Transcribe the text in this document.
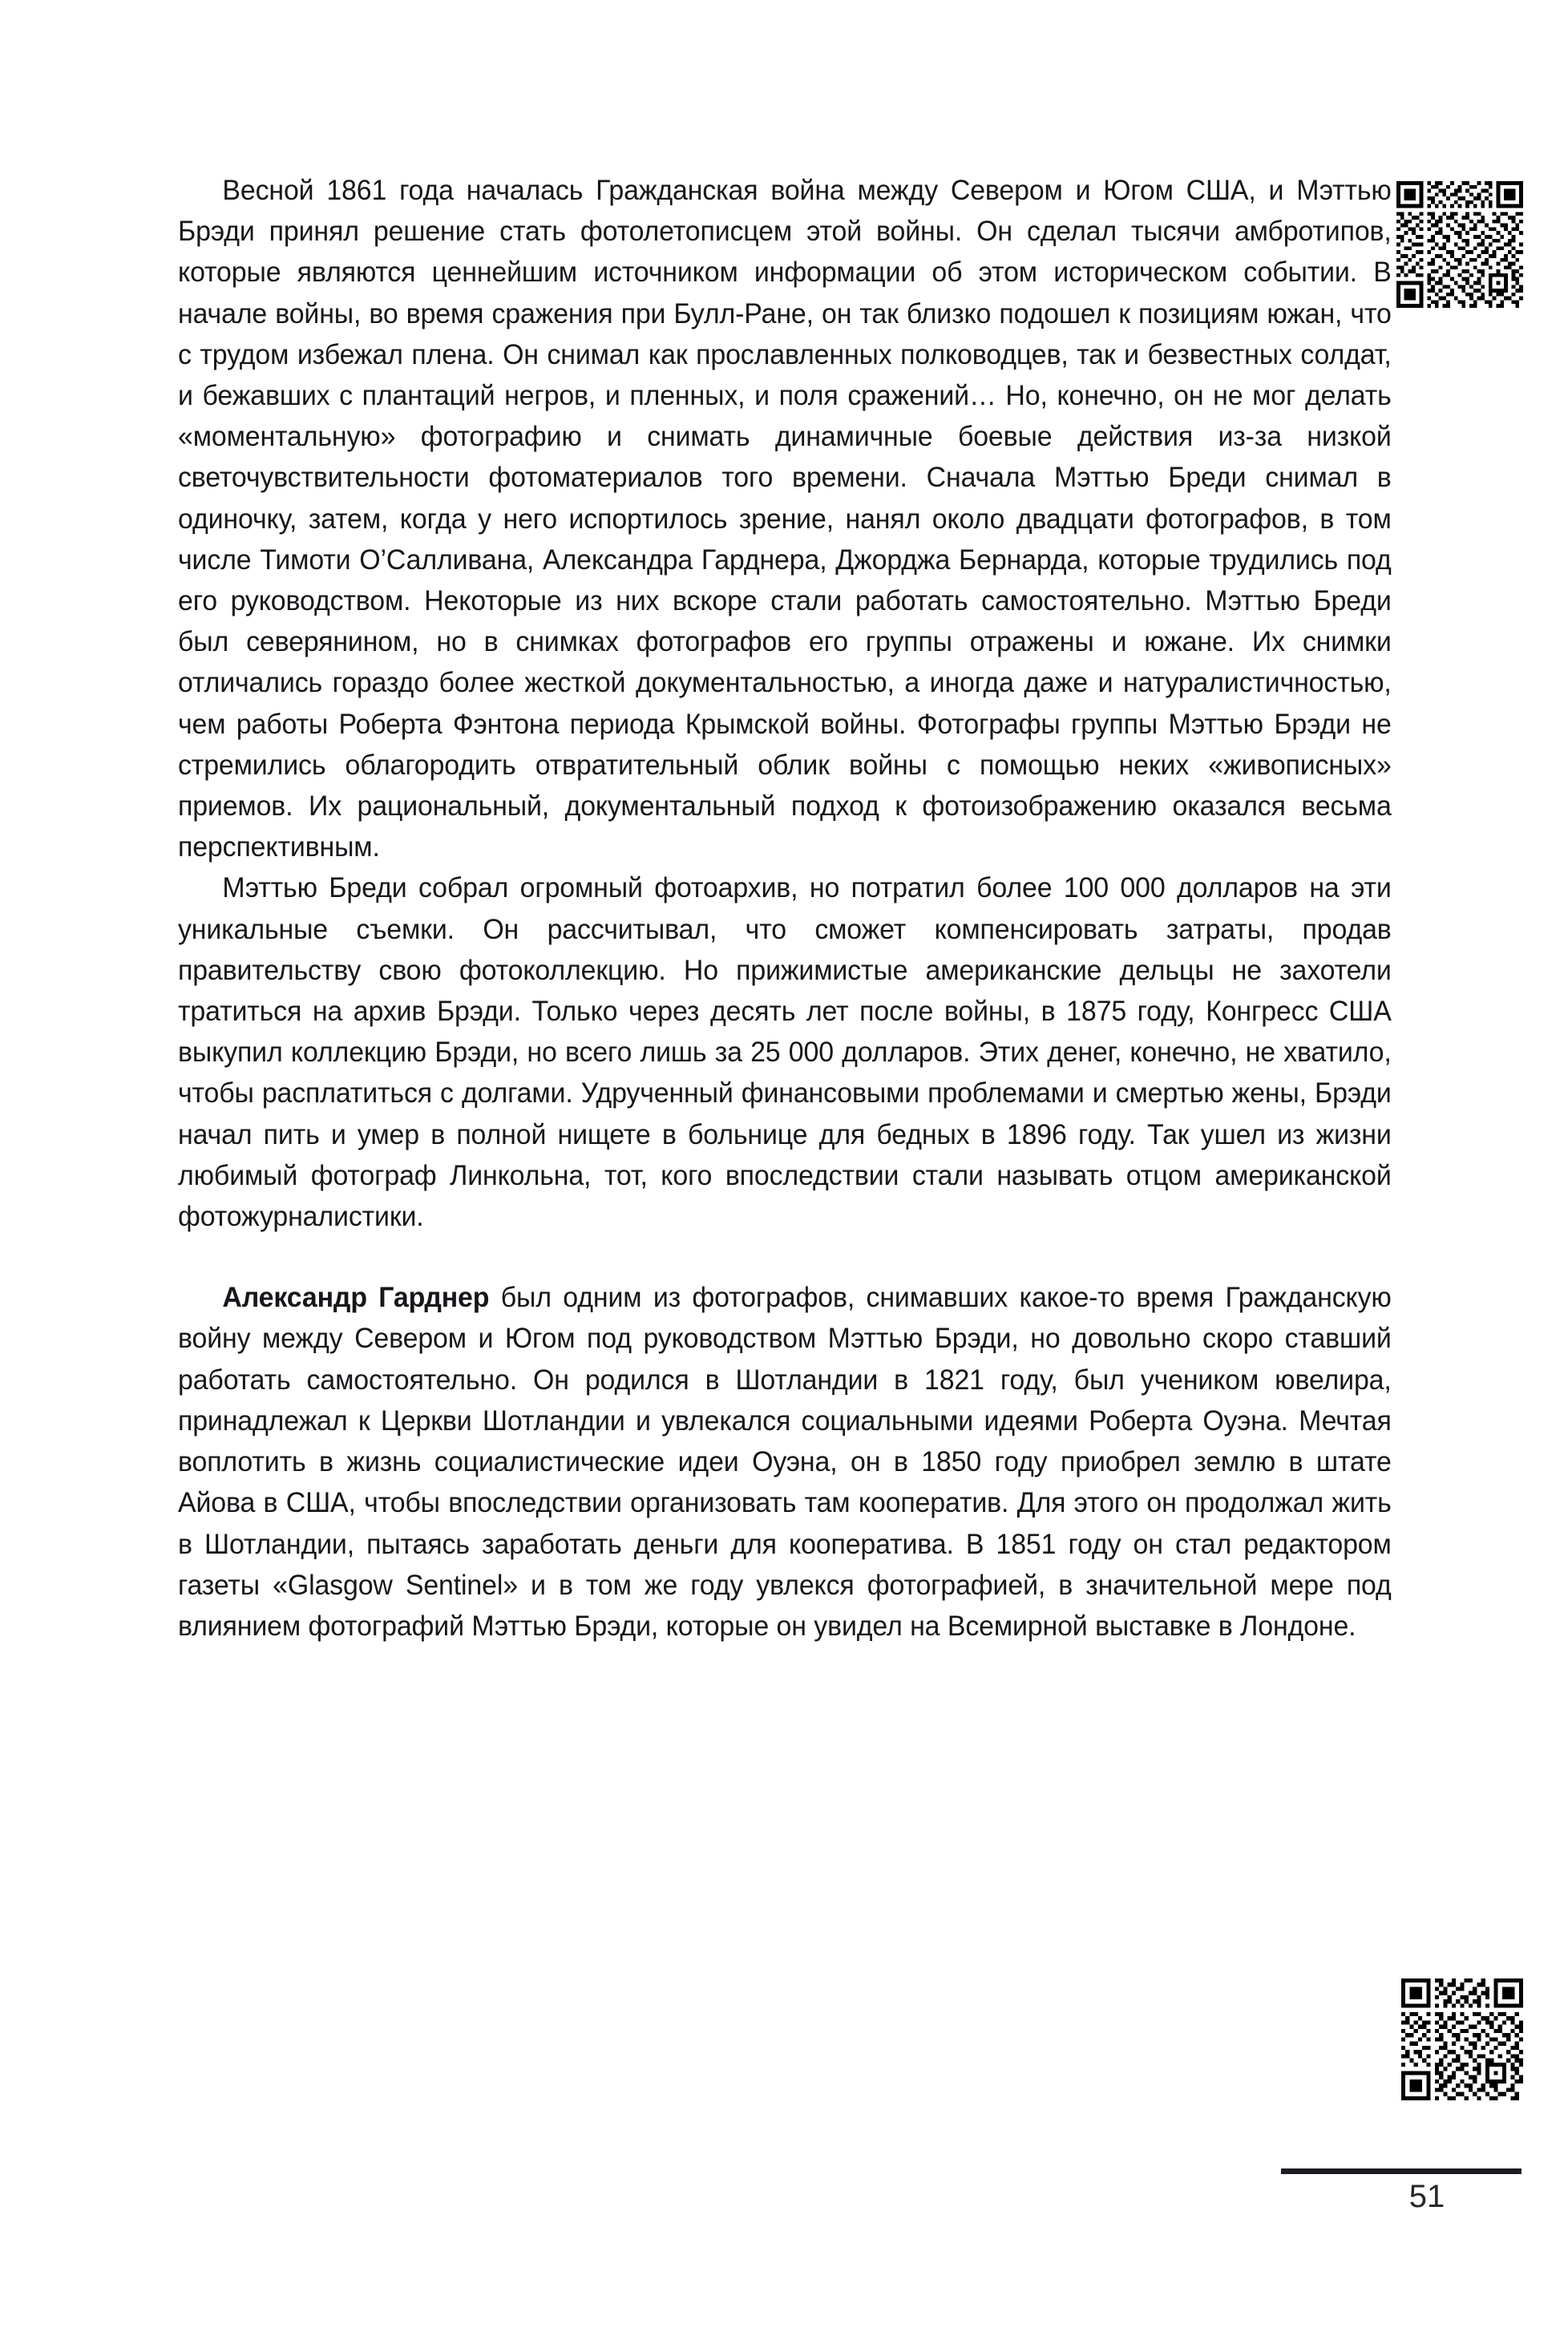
Весной 1861 года началась Гражданская война между Севером и Югом США, и Мэттью Брэди принял решение стать фотолетописцем этой войны. Он сделал тысячи амбротипов, которые являются ценнейшим источником информации об этом историческом событии. В начале войны, во время сражения при Булл-Ране, он так близко подошел к позициям южан, что с трудом избежал плена. Он снимал как прославленных полководцев, так и безвестных солдат, и бежавших с плантаций негров, и пленных, и поля сражений… Но, конечно, он не мог делать «моментальную» фотографию и снимать динамичные боевые действия из-за низкой светочувствительности фотоматериалов того времени. Сначала Мэттью Бреди снимал в одиночку, затем, когда у него испортилось зрение, нанял около двадцати фотографов, в том числе Тимоти О’Салливана, Александра Гарднера, Джорджа Бернарда, которые трудились под его руководством. Некоторые из них вскоре стали работать самостоятельно. Мэттью Бреди был северянином, но в снимках фотографов его группы отражены и южане. Их снимки отличались гораздо более жесткой документальностью, а иногда даже и натуралистичностью, чем работы Роберта Фэнтона периода Крымской войны. Фотографы группы Мэттью Брэди не стремились облагородить отвратительный облик войны с помощью неких «живописных» приемов. Их рациональный, документальный подход к фотоизображению оказался весьма перспективным.

Мэттью Бреди собрал огромный фотоархив, но потратил более 100 000 долларов на эти уникальные съемки. Он рассчитывал, что сможет компенсировать затраты, продав правительству свою фотоколлекцию. Но прижимистые американские дельцы не захотели тратиться на архив Брэди. Только через десять лет после войны, в 1875 году, Конгресс США выкупил коллекцию Брэди, но всего лишь за 25 000 долларов. Этих денег, конечно, не хватило, чтобы расплатиться с долгами. Удрученный финансовыми проблемами и смертью жены, Брэди начал пить и умер в полной нищете в больнице для бедных в 1896 году. Так ушел из жизни любимый фотограф Линкольна, тот, кого впоследствии стали называть отцом американской фотожурналистики.

Александр Гарднер был одним из фотографов, снимавших какое-то время Гражданскую войну между Севером и Югом под руководством Мэттью Брэди, но довольно скоро ставший работать самостоятельно. Он родился в Шотландии в 1821 году, был учеником ювелира, принадлежал к Церкви Шотландии и увлекался социальными идеями Роберта Оуэна. Мечтая воплотить в жизнь социалистические идеи Оуэна, он в 1850 году приобрел землю в штате Айова в США, чтобы впоследствии организовать там кооператив. Для этого он продолжал жить в Шотландии, пытаясь заработать деньги для кооператива. В 1851 году он стал редактором газеты «Glasgow Sentinel» и в том же году увлекся фотографией, в значительной мере под влиянием фотографий Мэттью Брэди, которые он увидел на Всемирной выставке в Лондоне.

51
